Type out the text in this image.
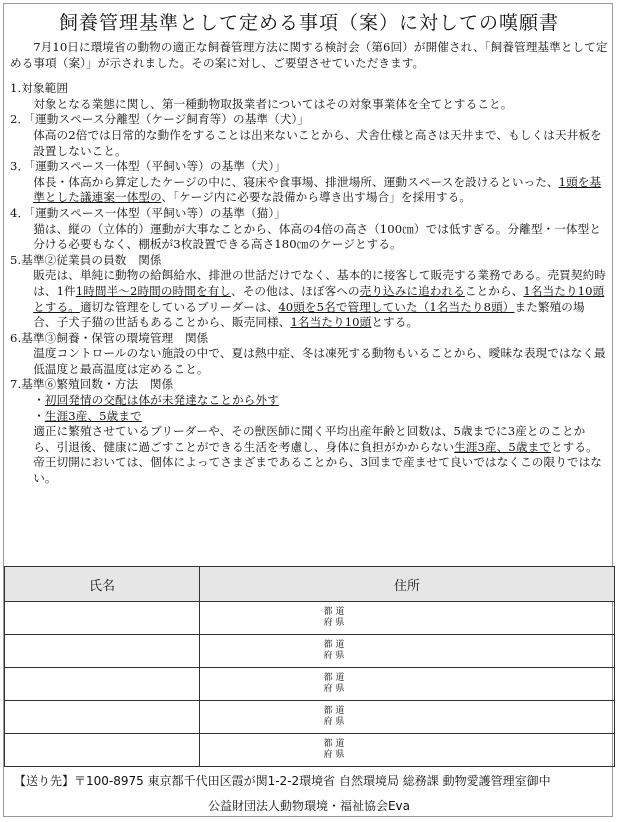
飼養管理基準として定める事項（案）に対しての嘆願書

7月10日に環境省の動物の適正な飼養管理方法に関する検討会（第6回）が開催され、「飼養管理基準として定める事項（案）」が示されました。その案に対し、ご要望させていただきます。

1.対象範囲

対象となる業態に関し、第一種動物取扱業者についてはその対象事業体を全てとすること。

2．「運動スペース分離型（ケージ飼育等）の基準（犬）」

体高の2倍では日常的な動作をすることは出来ないことから、犬舎仕様と高さは天井まで、もしくは天井板を設置しないこと。

3．「運動スペース一体型（平飼い等）の基準（犬）」

体長・体高から算定したケージの中に、寝床や食事場、排泄場所、運動スペースを設けるといった、1頭を基準とした議連案一体型の、「ケージ内に必要な設備から導き出す場合」を採用する。

4．「運動スペース一体型（平飼い等）の基準（猫）」

猫は、縦の（立体的）運動が大事なことから、体高の4倍の高さ（100㎝）では低すぎる。分離型・一体型と分ける必要もなく、棚板が3枚設置できる高さ180㎝のケージとする。

5.基準②従業員の員数　関係

販売は、単純に動物の給餌給水、排泄の世話だけでなく、基本的に接客して販売する業務である。売買契約時は、1件1時間半～2時間の時間を有し、その他は、ほぼ客への売り込みに追われることから、1名当たり10頭とする。適切な管理をしているブリーダーは、40頭を5名で管理していた（1名当たり8頭）また繁殖の場合、子犬子猫の世話もあることから、販売同様、1名当たり10頭とする。

6.基準③飼養・保管の環境管理　関係

温度コントロールのない施設の中で、夏は熱中症、冬は凍死する動物もいることから、曖昧な表現ではなく最低温度と最高温度は定めること。

7.基準⑥繁殖回数・方法　関係

・初回発情の交配は体が未発達なことから外す

・生涯3産、5歳まで

適正に繁殖させているブリーダーや、その獣医師に聞く平均出産年齢と回数は、5歳までに3産とのことから、引退後、健康に過ごすことができる生活を考慮し、身体に負担がかからない生涯3産、5歳までとする。帝王切開においては、個体によってさまざまであることから、3回まで産ませて良いではなくこの限りではない。

氏名	住所

	都 道
府 県

	都 道
府 県

	都 道
府 県

	都 道
府 県

	都 道
府 県
【送り先】〒100-8975 東京都千代田区霞が関1-2-2環境省 自然環境局 総務課 動物愛護管理室御中
公益財団法人動物環境・福祉協会Eva
